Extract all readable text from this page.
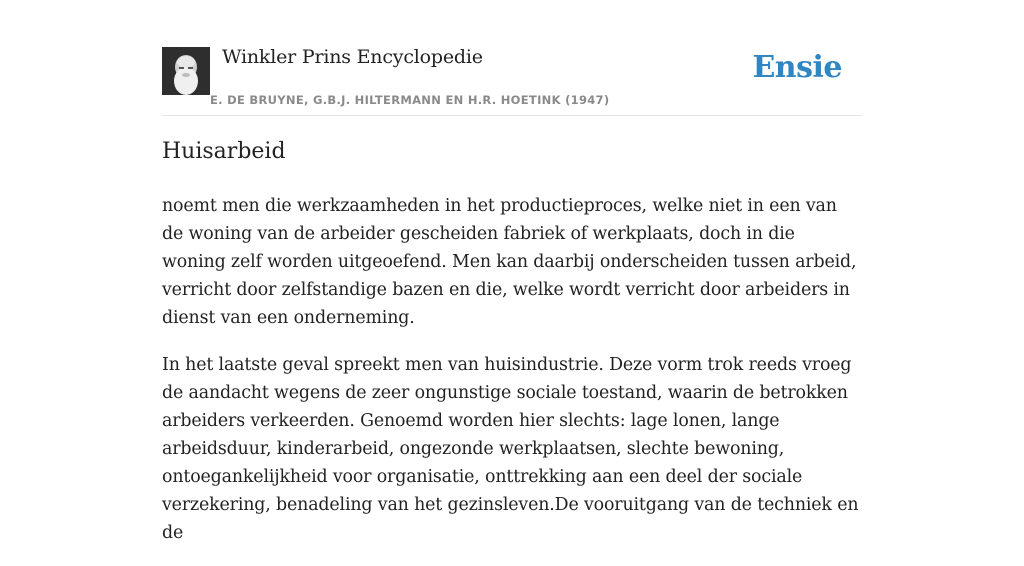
Winkler Prins Encyclopedie
E. DE BRUYNE, G.B.J. HILTERMANN EN H.R. HOETINK (1947)
Ensie
Huisarbeid

noemt men die werkzaamheden in het productieproces, welke niet in een van de woning van de arbeider gescheiden fabriek of werkplaats, doch in die woning zelf worden uitgeoefend. Men kan daarbij onderscheiden tussen arbeid, verricht door zelfstandige bazen en die, welke wordt verricht door arbeiders in dienst van een onderneming.

In het laatste geval spreekt men van huisindustrie. Deze vorm trok reeds vroeg de aandacht wegens de zeer ongunstige sociale toestand, waarin de betrokken arbeiders verkeerden. Genoemd worden hier slechts: lage lonen, lange arbeidsduur, kinderarbeid, ongezonde werkplaatsen, slechte bewoning, ontoegankelijkheid voor organisatie, onttrekking aan een deel der sociale verzekering, benadeling van het gezinsleven.De vooruitgang van de techniek en de
